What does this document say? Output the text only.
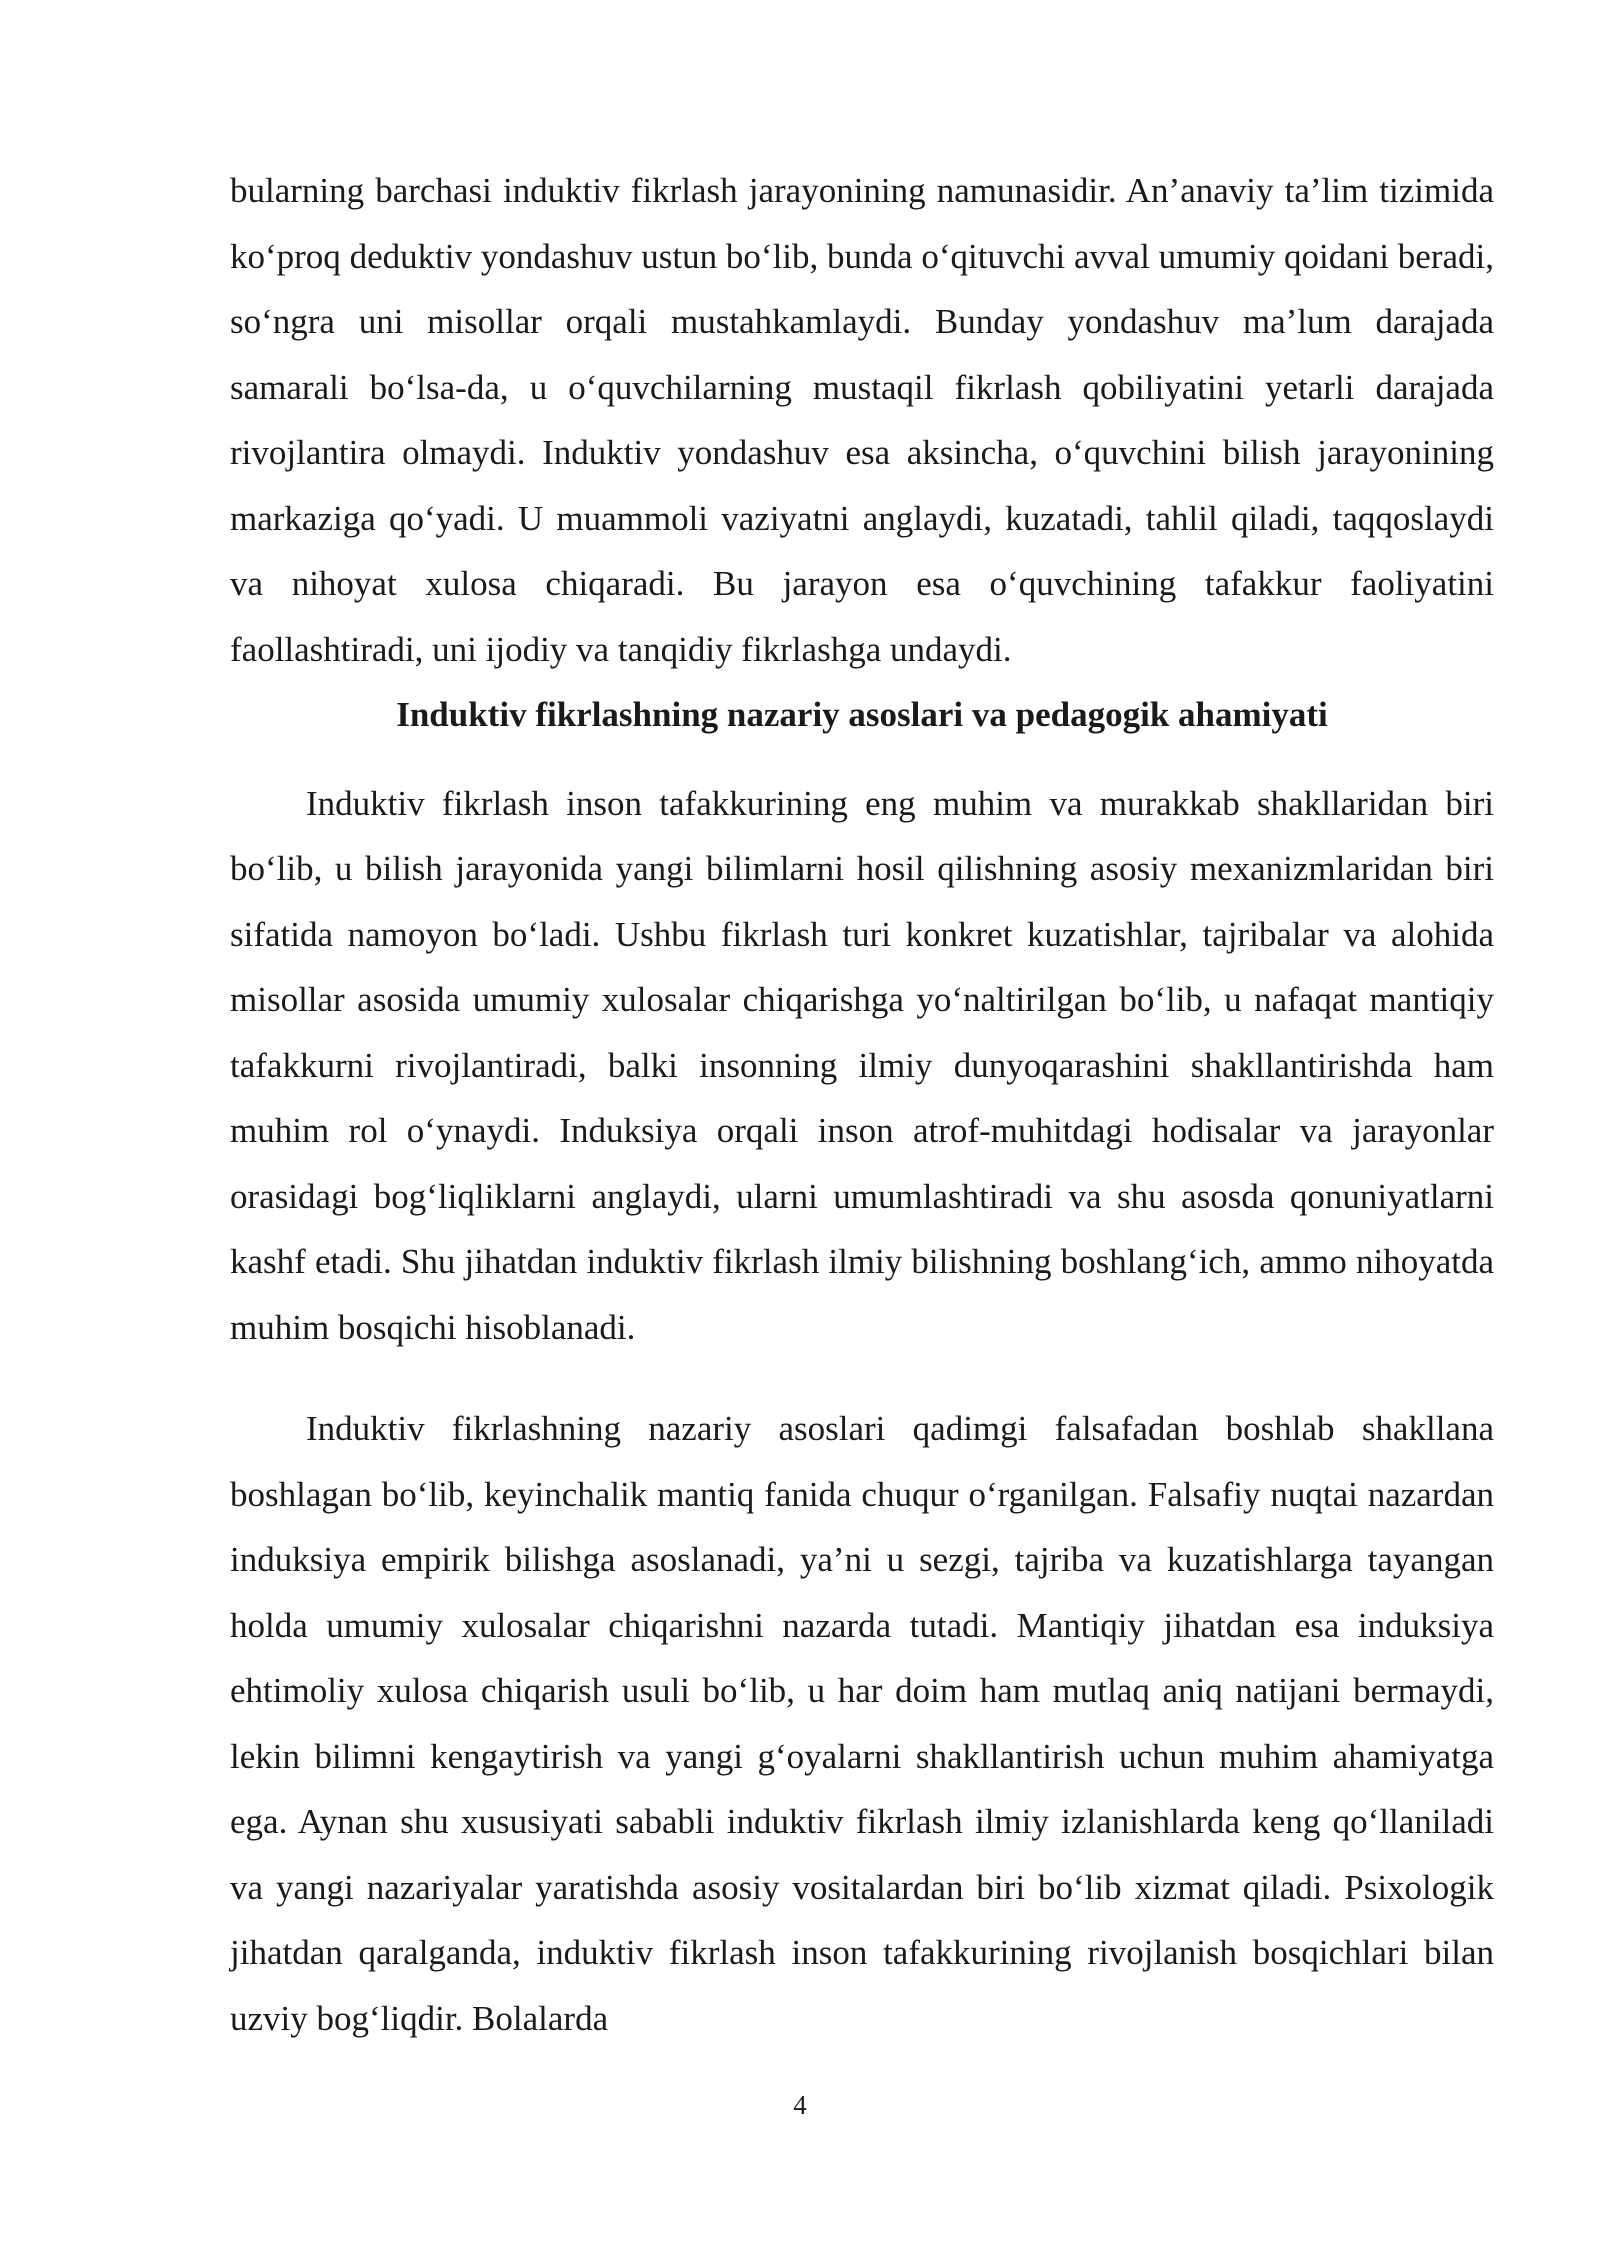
bularning barchasi induktiv fikrlash jarayonining namunasidir. An’anaviy ta’lim tizimida ko‘proq deduktiv yondashuv ustun bo‘lib, bunda o‘qituvchi avval umumiy qoidani beradi, so‘ngra uni misollar orqali mustahkamlaydi. Bunday yondashuv ma’lum darajada samarali bo‘lsa-da, u o‘quvchilarning mustaqil fikrlash qobiliyatini yetarli darajada rivojlantira olmaydi. Induktiv yondashuv esa aksincha, o‘quvchini bilish jarayonining markaziga qo‘yadi. U muammoli vaziyatni anglaydi, kuzatadi, tahlil qiladi, taqqoslaydi va nihoyat xulosa chiqaradi. Bu jarayon esa o‘quvchining tafakkur faoliyatini faollashtiradi, uni ijodiy va tanqidiy fikrlashga undaydi.

Induktiv fikrlashning nazariy asoslari va pedagogik ahamiyati

Induktiv fikrlash inson tafakkurining eng muhim va murakkab shakllaridan biri bo‘lib, u bilish jarayonida yangi bilimlarni hosil qilishning asosiy mexanizmlaridan biri sifatida namoyon bo‘ladi. Ushbu fikrlash turi konkret kuzatishlar, tajribalar va alohida misollar asosida umumiy xulosalar chiqarishga yo‘naltirilgan bo‘lib, u nafaqat mantiqiy tafakkurni rivojlantiradi, balki insonning ilmiy dunyoqarashini shakllantirishda ham muhim rol o‘ynaydi. Induksiya orqali inson atrof-muhitdagi hodisalar va jarayonlar orasidagi bog‘liqliklarni anglaydi, ularni umumlashtiradi va shu asosda qonuniyatlarni kashf etadi. Shu jihatdan induktiv fikrlash ilmiy bilishning boshlang‘ich, ammo nihoyatda muhim bosqichi hisoblanadi.

Induktiv fikrlashning nazariy asoslari qadimgi falsafadan boshlab shakllana boshlagan bo‘lib, keyinchalik mantiq fanida chuqur o‘rganilgan. Falsafiy nuqtai nazardan induksiya empirik bilishga asoslanadi, ya’ni u sezgi, tajriba va kuzatishlarga tayangan holda umumiy xulosalar chiqarishni nazarda tutadi. Mantiqiy jihatdan esa induksiya ehtimoliy xulosa chiqarish usuli bo‘lib, u har doim ham mutlaq aniq natijani bermaydi, lekin bilimni kengaytirish va yangi g‘oyalarni shakllantirish uchun muhim ahamiyatga ega. Aynan shu xususiyati sababli induktiv fikrlash ilmiy izlanishlarda keng qo‘llaniladi va yangi nazariyalar yaratishda asosiy vositalardan biri bo‘lib xizmat qiladi. Psixologik jihatdan qaralganda, induktiv fikrlash inson tafakkurining rivojlanish bosqichlari bilan uzviy bog‘liqdir. Bolalarda

4
